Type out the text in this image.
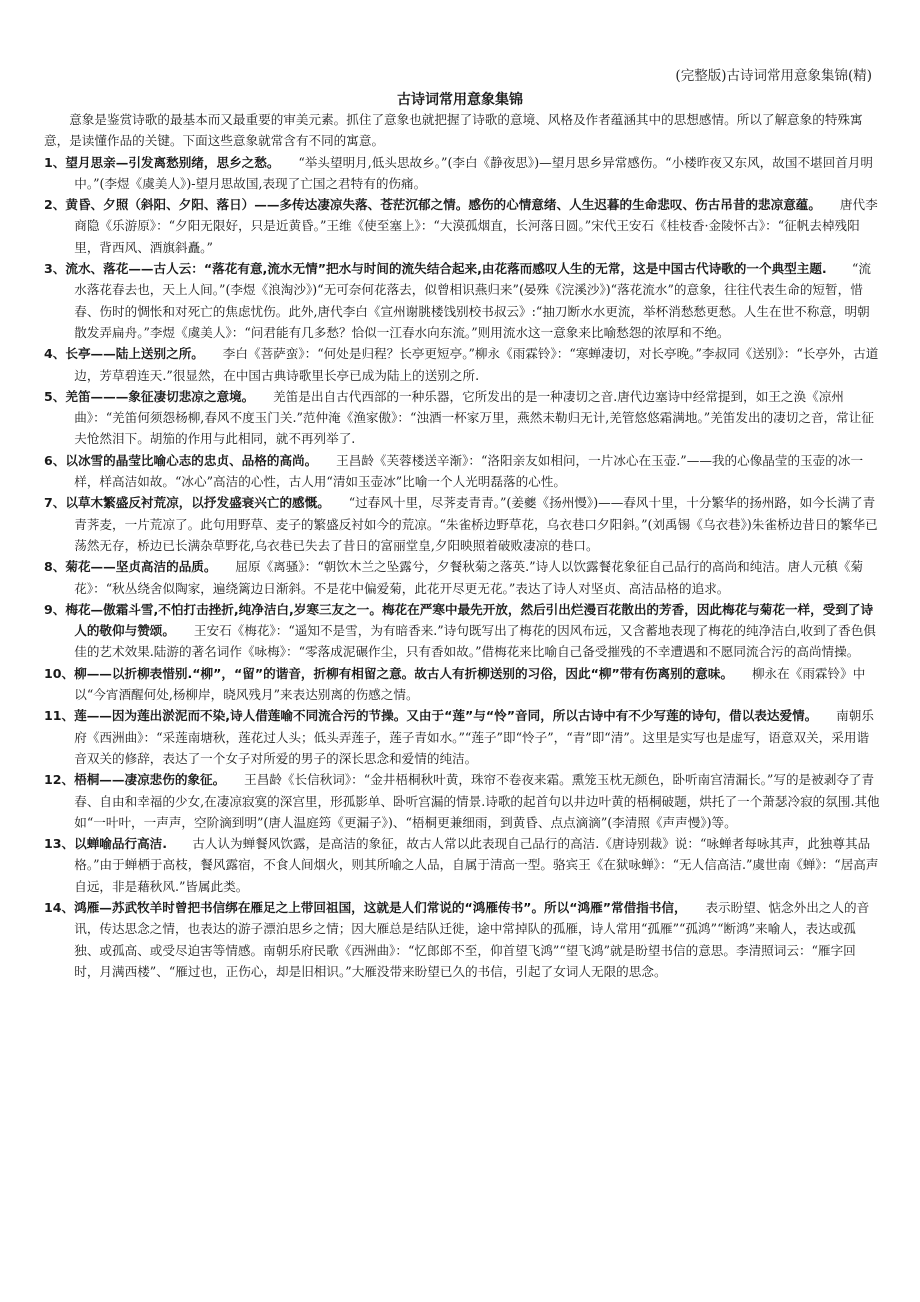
(完整版)古诗词常用意象集锦(精)
古诗词常用意象集锦

意象是鉴赏诗歌的最基本而又最重要的审美元素。抓住了意象也就把握了诗歌的意境、风格及作者蕴涵其中的思想感情。所以了解意象的特殊寓意，是读懂作品的关键。下面这些意象就常含有不同的寓意。

1、望月思亲—引发离愁别绪，思乡之愁。　　 “举头望明月,低头思故乡。”(李白《静夜思》)—望月思乡异常感伤。“小楼昨夜又东风，故国不堪回首月明中。”(李煜《虞美人》)-望月思故国,表现了亡国之君特有的伤痛。

2、黄昏、夕照（斜阳、夕阳、落日）——多传达凄凉失落、苍茫沉郁之情。感伤的心情意绪、人生迟暮的生命悲叹、伤古吊昔的悲凉意蕴。　　 唐代李商隐《乐游原》：“夕阳无限好，只是近黄昏。”王维《使至塞上》：“大漠孤烟直，长河落日圆。”宋代王安石《桂枝香·金陵怀古》：“征帆去棹残阳里，背西风、酒旗斜矗。”

3、流水、落花——古人云：“落花有意,流水无情”把水与时间的流失结合起来,由花落而感叹人生的无常，这是中国古代诗歌的一个典型主题.　　 “流水落花春去也，天上人间。”(李煜《浪淘沙》)“无可奈何花落去，似曾相识燕归来”(晏殊《浣溪沙》)“落花流水”的意象，往往代表生命的短暂，惜春、伤时的惆怅和对死亡的焦虑忧伤。此外,唐代李白《宣州谢朓楼饯别校书叔云》:“抽刀断水水更流，举杯消愁愁更愁。人生在世不称意，明朝散发弄扁舟。”李煜《虞美人》：“问君能有几多愁？恰似一江春水向东流。”则用流水这一意象来比喻愁怨的浓厚和不绝。

4、长亭——陆上送别之所。　　 李白《菩萨蛮》：“何处是归程？长亭更短亭。”柳永《雨霖铃》：“寒蝉凄切，对长亭晚。”李叔同《送别》：“长亭外，古道边，芳草碧连天.”很显然，在中国古典诗歌里长亭已成为陆上的送别之所.

5、羌笛———象征凄切悲凉之意境。　　 羌笛是出自古代西部的一种乐器，它所发出的是一种凄切之音.唐代边塞诗中经常提到，如王之涣《凉州曲》：“羌笛何须怨杨柳,春风不度玉门关.”范仲淹《渔家傲》：“浊酒一杯家万里，燕然未勒归无计,羌管悠悠霜满地。”羌笛发出的凄切之音，常让征夫怆然泪下。胡笳的作用与此相同，就不再列举了.

6、以冰雪的晶莹比喻心志的忠贞、品格的高尚。　　 王昌龄《芙蓉楼送辛渐》：“洛阳亲友如相问，一片冰心在玉壶.”——我的心像晶莹的玉壶的冰一样，样高洁如故。“冰心”高洁的心性，古人用“清如玉壶冰”比喻一个人光明磊落的心性。

7、以草木繁盛反衬荒凉，以抒发盛衰兴亡的感慨。　　 “过春风十里，尽荠麦青青。”(姜夔《扬州慢》)——春风十里，十分繁华的扬州路，如今长满了青青荠麦，一片荒凉了。此句用野草、麦子的繁盛反衬如今的荒凉。“朱雀桥边野草花，乌衣巷口夕阳斜。”(刘禹锡《乌衣巷》)朱雀桥边昔日的繁华已荡然无存，桥边已长满杂草野花,乌衣巷已失去了昔日的富丽堂皇,夕阳映照着破败凄凉的巷口。

8、菊花——坚贞高洁的品质。　　 屈原《离骚》：“朝饮木兰之坠露兮，夕餐秋菊之落英.”诗人以饮露餐花象征自己品行的高尚和纯洁。唐人元稹《菊花》：“秋丛绕舍似陶家，遍绕篱边日渐斜。不是花中偏爱菊，此花开尽更无花。”表达了诗人对坚贞、高洁品格的追求。

9、梅花—傲霜斗雪,不怕打击挫折,纯净洁白,岁寒三友之一。梅花在严寒中最先开放，然后引出烂漫百花散出的芳香，因此梅花与菊花一样，受到了诗人的敬仰与赞颂。　　 王安石《梅花》：“遥知不是雪，为有暗香来.”诗句既写出了梅花的因风布远，又含蓄地表现了梅花的纯净洁白,收到了香色俱佳的艺术效果.陆游的著名词作《咏梅》：“零落成泥碾作尘，只有香如故。”借梅花来比喻自己备受摧残的不幸遭遇和不愿同流合污的高尚情操。

10、柳——以折柳表惜别.“柳”，“留”的谐音，折柳有相留之意。故古人有折柳送别的习俗，因此“柳”带有伤离别的意味。　　 柳永在《雨霖铃》中以“今宵酒醒何处,杨柳岸，晓风残月”来表达别离的伤感之情。

11、莲——因为莲出淤泥而不染,诗人借莲喻不同流合污的节操。又由于“莲”与“怜”音同，所以古诗中有不少写莲的诗句，借以表达爱情。　　 南朝乐府《西洲曲》：“采莲南塘秋，莲花过人头；低头弄莲子，莲子青如水。”“莲子”即“怜子”，“青”即“清”。这里是实写也是虚写，语意双关，采用谐音双关的修辞，表达了一个女子对所爱的男子的深长思念和爱情的纯洁。

12、梧桐——凄凉悲伤的象征。　　 王昌龄《长信秋词》：“金井梧桐秋叶黄，珠帘不卷夜来霜。熏笼玉枕无颜色，卧听南宫清漏长。”写的是被剥夺了青春、自由和幸福的少女,在凄凉寂寞的深宫里，形孤影单、卧听宫漏的情景.诗歌的起首句以井边叶黄的梧桐破题，烘托了一个萧瑟冷寂的氛围.其他如“一叶叶，一声声，空阶滴到明”(唐人温庭筠《更漏子》)、“梧桐更兼细雨，到黄昏、点点滴滴”(李清照《声声慢》)等。

13、以蝉喻品行高洁.　　 古人认为蝉餐风饮露，是高洁的象征，故古人常以此表现自己品行的高洁.《唐诗别裁》说：“咏蝉者每咏其声，此独尊其品格。”由于蝉栖于高枝，餐风露宿，不食人间烟火，则其所喻之人品，自属于清高一型。骆宾王《在狱咏蝉》：“无人信高洁.”虞世南《蝉》：“居高声自远，非是藉秋风.”皆属此类。

14、鸿雁—苏武牧羊时曾把书信绑在雁足之上带回祖国，这就是人们常说的“鸿雁传书”。所以“鸿雁”常借指书信，　　 表示盼望、惦念外出之人的音讯，传达思念之情，也表达的游子漂泊思乡之情；因大雁总是结队迁徙，途中常掉队的孤雁，诗人常用“孤雁”“孤鸿”“断鸿”来喻人，表达或孤独、或孤高、或受尽迫害等情感。南朝乐府民歌《西洲曲》：“忆郎郎不至，仰首望飞鸿”“望飞鸿”就是盼望书信的意思。李清照词云：“雁字回时，月满西楼”、“雁过也，正伤心，却是旧相识。”大雁没带来盼望已久的书信，引起了女词人无限的思念。
